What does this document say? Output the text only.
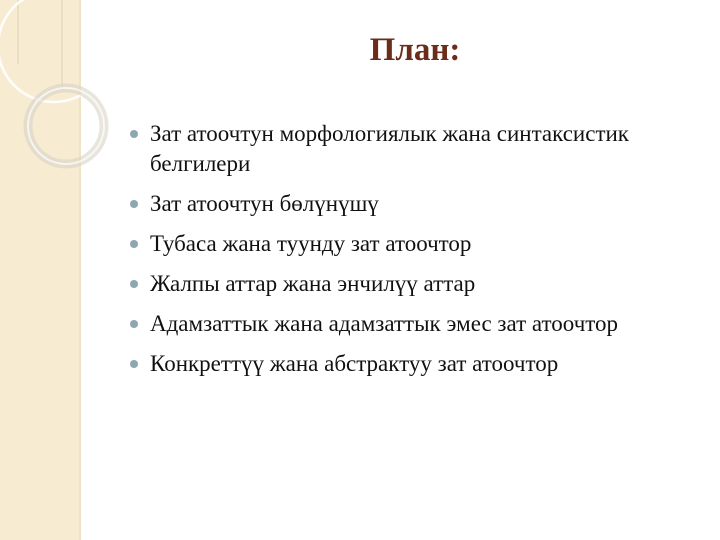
План:
Зат атоочтун морфологиялык жана синтаксистик белгилери
Зат атоочтун бөлүнүшү
Тубаса жана туунду зат атоочтор
Жалпы аттар жана энчилүү аттар
Адамзаттык жана адамзаттык эмес зат атоочтор
Конкреттүү жана абстрактуу зат атоочтор
